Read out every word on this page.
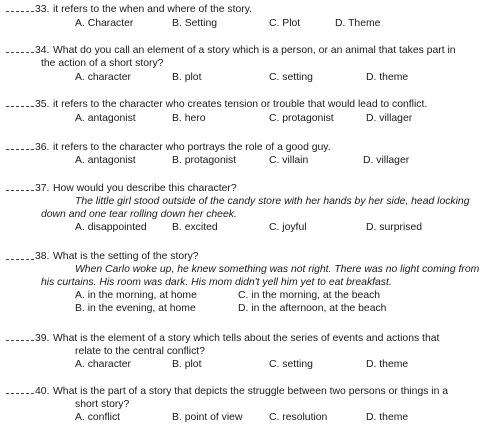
33. it refers to the when and where of the story.
A. Character	B. Setting	C. Plot	D. Theme
34. What do you call an element of a story which is a person, or an animal that takes part in
the action of a short story?
A. character	B. plot	C. setting	D. theme
35. it refers to the character who creates tension or trouble that would lead to conflict.
A. antagonist	B. hero	C. protagonist	D. villager
36. it refers to the character who portrays the role of a good guy.
A. antagonist	B. protagonist	C. villain	D. villager
37. How would you describe this character?
The little girl stood outside of the candy store with her hands by her side, head locking
down and one tear rolling down her cheek.
A. disappointed B. excited	C. joyful	D. surprised
38. What is the setting of the story?
When Carlo woke up, he knew something was not right. There was no light coming from
his curtains. His room was dark. His mom didn't yell him yet to eat breakfast.
A. in the morning, at home	C. in the morning, at the beach
B. in the evening, at home	D. in the afternoon, at the beach
39. What is the element of a story which tells about the series of events and actions that
relate to the central conflict?
A. character	B. plot	C. setting	D. theme
40. What is the part of a story that depicts the struggle between two persons or things in a
short story?
A. conflict	B. point of view	C. resolution	D. theme
